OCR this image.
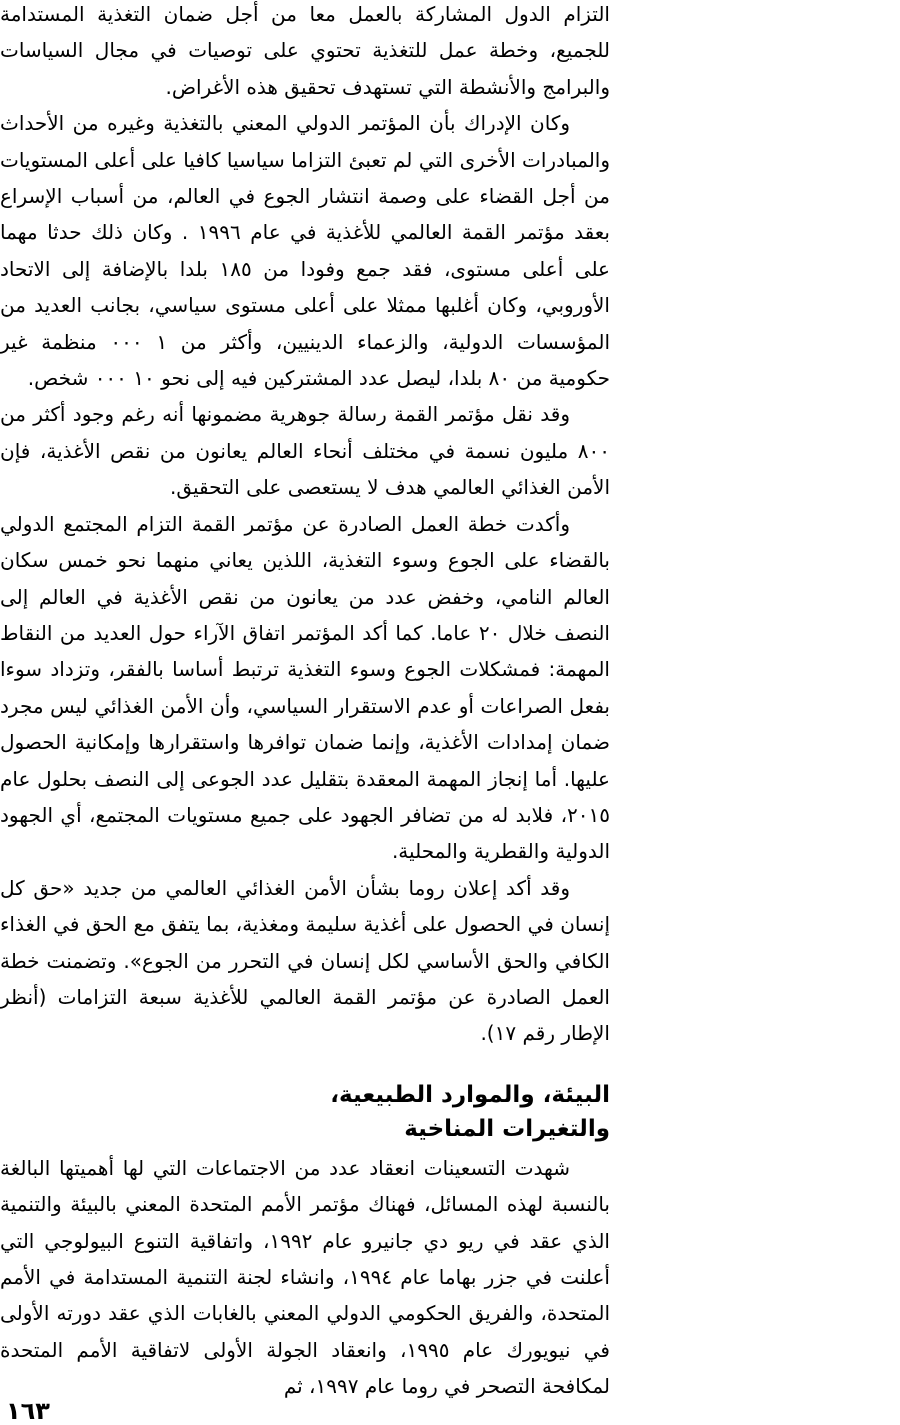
التزام الدول المشاركة بالعمل معا من أجل ضمان التغذية المستدامة للجميع، وخطة عمل للتغذية تحتوي على توصيات في مجال السياسات والبرامج والأنشطة التي تستهدف تحقيق هذه الأغراض.

وكان الإدراك بأن المؤتمر الدولي المعني بالتغذية وغيره من الأحداث والمبادرات الأخرى التي لم تعبئ التزاما سياسيا كافيا على أعلى المستويات من أجل القضاء على وصمة انتشار الجوع في العالم، من أسباب الإسراع بعقد مؤتمر القمة العالمي للأغذية في عام ١٩٩٦ . وكان ذلك حدثا مهما على أعلى مستوى، فقد جمع وفودا من ١٨٥ بلدا بالإضافة إلى الاتحاد الأوروبي، وكان أغلبها ممثلا على أعلى مستوى سياسي، بجانب العديد من المؤسسات الدولية، والزعماء الدينيين، وأكثر من ١ ٠٠٠ منظمة غير حكومية من ٨٠ بلدا، ليصل عدد المشتركين فيه إلى نحو ١٠ ٠٠٠ شخص.

وقد نقل مؤتمر القمة رسالة جوهرية مضمونها أنه رغم وجود أكثر من ٨٠٠ مليون نسمة في مختلف أنحاء العالم يعانون من نقص الأغذية، فإن الأمن الغذائي العالمي هدف لا يستعصى على التحقيق.

وأكدت خطة العمل الصادرة عن مؤتمر القمة التزام المجتمع الدولي بالقضاء على الجوع وسوء التغذية، اللذين يعاني منهما نحو خمس سكان العالم النامي، وخفض عدد من يعانون من نقص الأغذية في العالم إلى النصف خلال ٢٠ عاما. كما أكد المؤتمر اتفاق الآراء حول العديد من النقاط المهمة: فمشكلات الجوع وسوء التغذية ترتبط أساسا بالفقر، وتزداد سوءا بفعل الصراعات أو عدم الاستقرار السياسي، وأن الأمن الغذائي ليس مجرد ضمان إمدادات الأغذية، وإنما ضمان توافرها واستقرارها وإمكانية الحصول عليها. أما إنجاز المهمة المعقدة بتقليل عدد الجوعى إلى النصف بحلول عام ٢٠١٥، فلابد له من تضافر الجهود على جميع مستويات المجتمع، أي الجهود الدولية والقطرية والمحلية.

وقد أكد إعلان روما بشأن الأمن الغذائي العالمي من جديد «حق كل إنسان في الحصول على أغذية سليمة ومغذية، بما يتفق مع الحق في الغذاء الكافي والحق الأساسي لكل إنسان في التحرر من الجوع». وتضمنت خطة العمل الصادرة عن مؤتمر القمة العالمي للأغذية سبعة التزامات (أنظر الإطار رقم ١٧).

البيئة، والموارد الطبيعية،
والتغيرات المناخية

شهدت التسعينات انعقاد عدد من الاجتماعات التي لها أهميتها البالغة بالنسبة لهذه المسائل، فهناك مؤتمر الأمم المتحدة المعني بالبيئة والتنمية الذي عقد في ريو دي جانيرو عام ١٩٩٢، واتفاقية التنوع البيولوجي التي أعلنت في جزر بهاما عام ١٩٩٤، وانشاء لجنة التنمية المستدامة في الأمم المتحدة، والفريق الحكومي الدولي المعني بالغابات الذي عقد دورته الأولى في نيويورك عام ١٩٩٥، وانعقاد الجولة الأولى لاتفاقية الأمم المتحدة لمكافحة التصحر في روما عام ١٩٩٧، ثم

١٦٣
